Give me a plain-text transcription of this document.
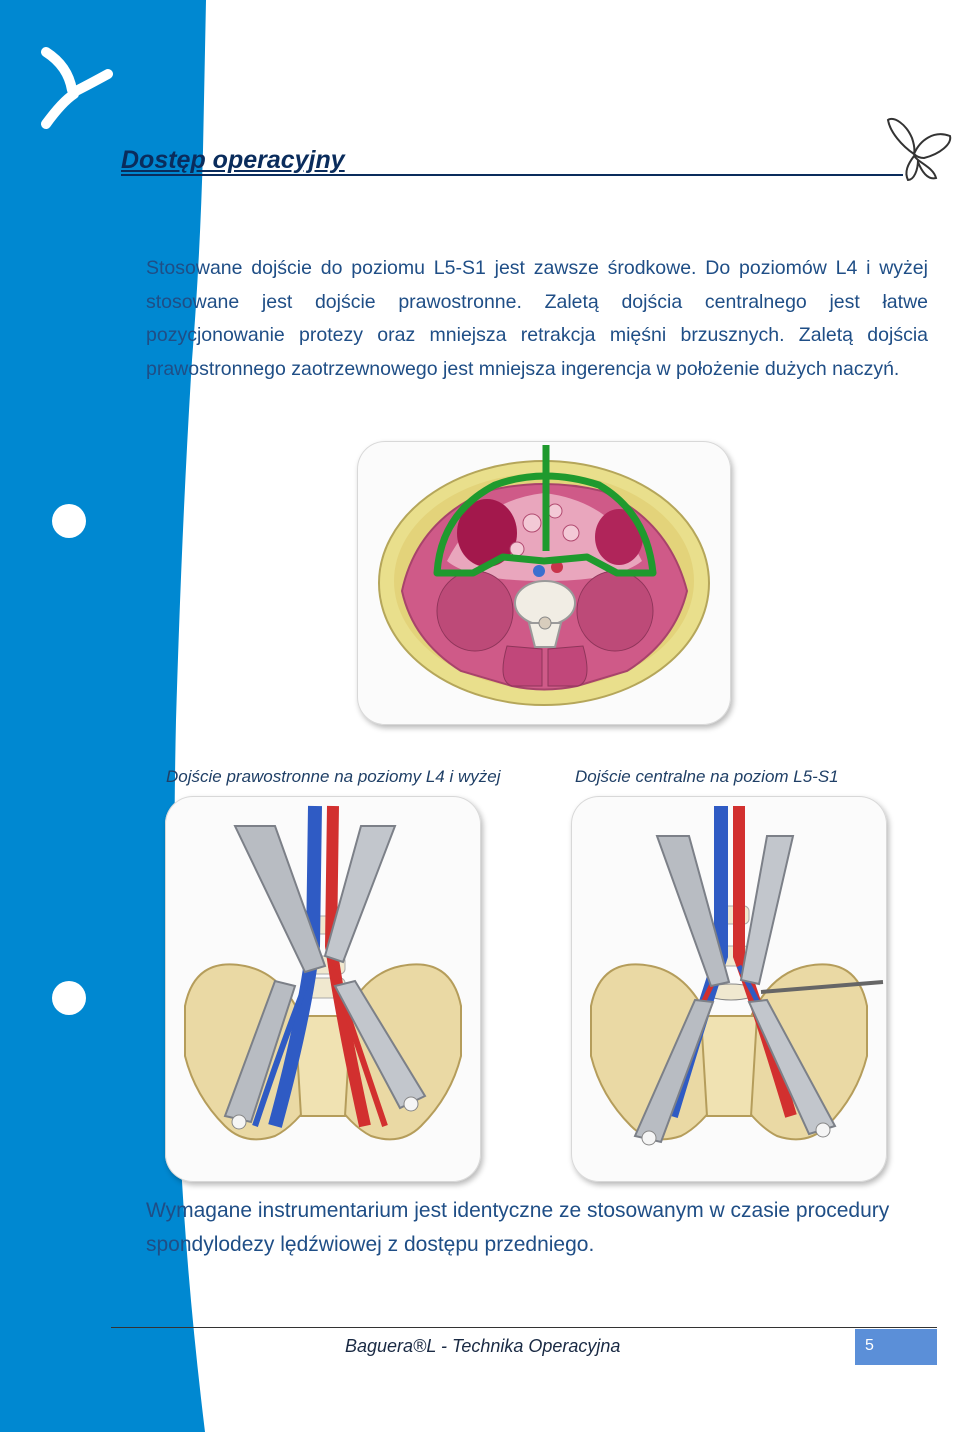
Dostęp operacyjny

Stosowane dojście do poziomu L5-S1 jest zawsze środkowe. Do poziomów L4 i wyżej stosowane jest dojście prawostronne. Zaletą dojścia centralnego jest łatwe pozycjonowanie protezy oraz mniejsza retrakcja mięśni brzusznych. Zaletą dojścia prawostronnego zaotrzewnowego jest mniejsza ingerencja w położenie dużych naczyń.

Dojście prawostronne na poziomy L4 i wyżej	Dojście centralne na poziom L5-S1

Wymagane instrumentarium jest identyczne ze stosowanym w czasie procedury spondylodezy lędźwiowej z dostępu przedniego.

Baguera®L - Technika Operacyjna	5
